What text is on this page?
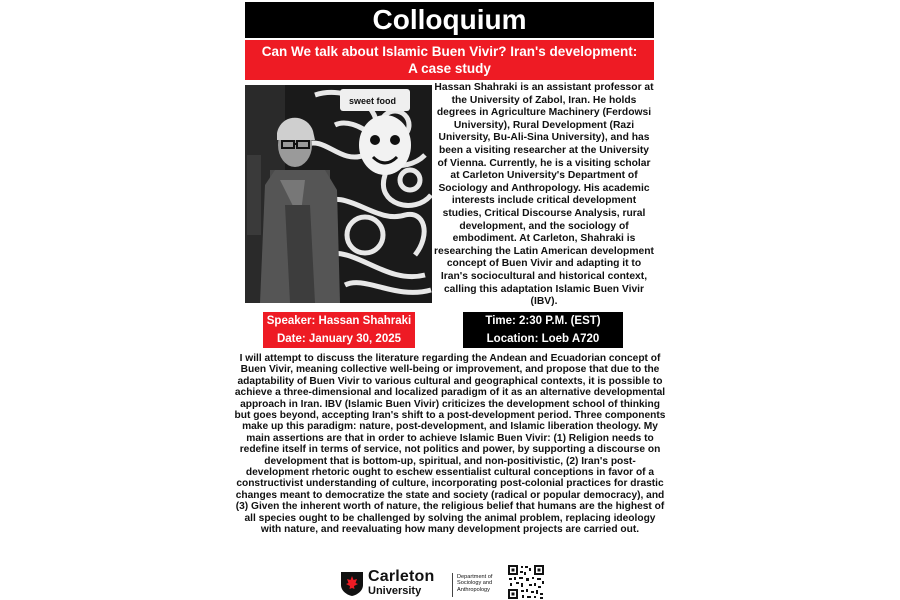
Colloquium
Can We talk about Islamic Buen Vivir? Iran's development:
A case study
sweet food
Hassan Shahraki is an assistant professor at the University of Zabol, Iran. He holds degrees in Agriculture Machinery (Ferdowsi University), Rural Development (Razi University, Bu-Ali-Sina University), and has been a visiting researcher at the University of Vienna. Currently, he is a visiting scholar at Carleton University's Department of Sociology and Anthropology. His academic interests include critical development studies, Critical Discourse Analysis, rural development, and the sociology of embodiment. At Carleton, Shahraki is researching the Latin American development concept of Buen Vivir and adapting it to Iran's sociocultural and historical context, calling this adaptation Islamic Buen Vivir (IBV).
Speaker: Hassan Shahraki
Date: January 30, 2025
Time: 2:30 P.M. (EST)
Location: Loeb A720
I will attempt to discuss the literature regarding the Andean and Ecuadorian concept of Buen Vivir, meaning collective well-being or improvement, and propose that due to the adaptability of Buen Vivir to various cultural and geographical contexts, it is possible to achieve a three-dimensional and localized paradigm of it as an alternative developmental approach in Iran. IBV (Islamic Buen Vivir) criticizes the development school of thinking but goes beyond, accepting Iran's shift to a post-development period. Three components make up this paradigm: nature, post-development, and Islamic liberation theology. My main assertions are that in order to achieve Islamic Buen Vivir: (1) Religion needs to redefine itself in terms of service, not politics and power, by supporting a discourse on development that is bottom-up, spiritual, and non-positivistic, (2) Iran's post-development rhetoric ought to eschew essentialist cultural conceptions in favor of a constructivist understanding of culture, incorporating post-colonial practices for drastic changes meant to democratize the state and society (radical or popular democracy), and (3) Given the inherent worth of nature, the religious belief that humans are the highest of all species ought to be challenged by solving the animal problem, replacing ideology with nature, and reevaluating how many development projects are carried out.
Carleton
University
Department of
Sociology and
Anthropology
